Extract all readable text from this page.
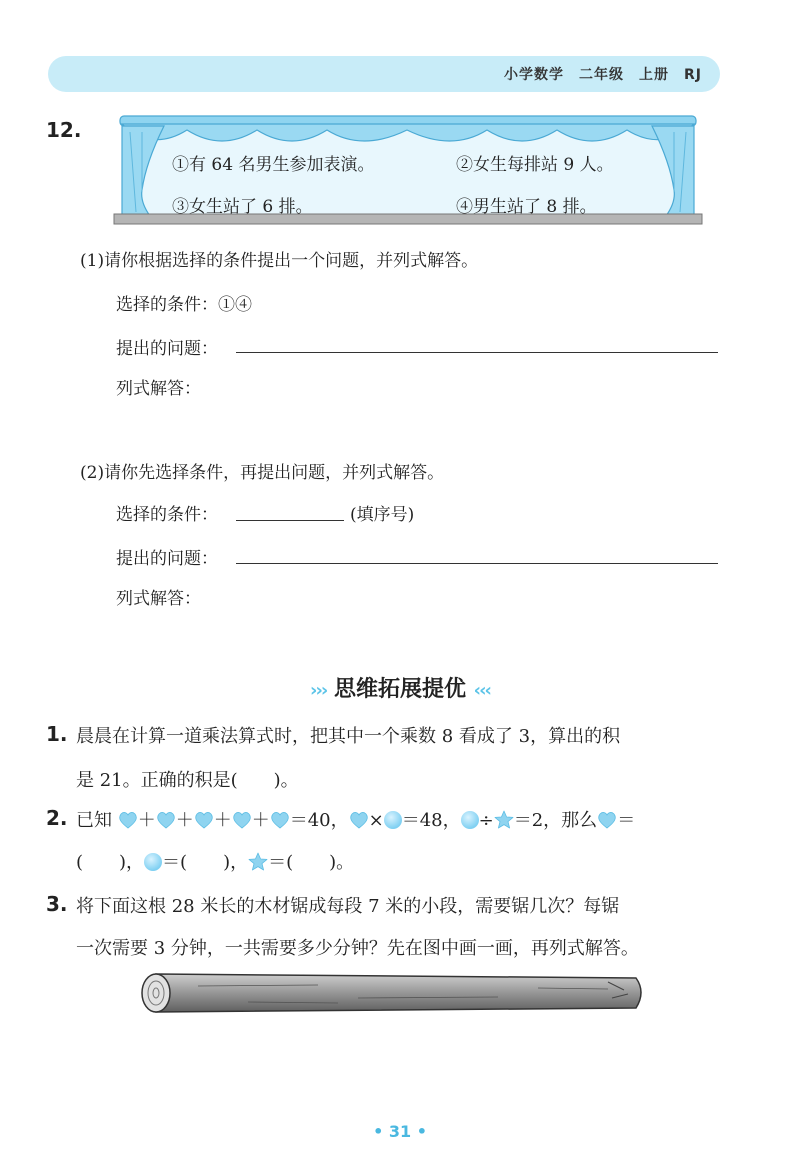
小学数学　二年级　上册　RJ
12.
①有 64 名男生参加表演。	②女生每排站 9 人。
③女生站了 6 排。	④男生站了 8 排。
(1)请你根据选择的条件提出一个问题，并列式解答。
选择的条件：①④
提出的问题：
列式解答：
(2)请你先选择条件，再提出问题，并列式解答。
选择的条件：	(填序号)
提出的问题：
列式解答：
››› 思维拓展提优 ‹‹‹
1. 晨晨在计算一道乘法算式时，把其中一个乘数 8 看成了 3，算出的积
是 21。正确的积是(　　)。
2. 已知 ＋ ＋ ＋ ＋ ＝40， × ＝48， ÷ ＝2，那么 ＝
(　　)， ＝(　　)， ＝(　　)。
3. 将下面这根 28 米长的木材锯成每段 7 米的小段，需要锯几次？每锯
一次需要 3 分钟，一共需要多少分钟？先在图中画一画，再列式解答。
• 31 •
